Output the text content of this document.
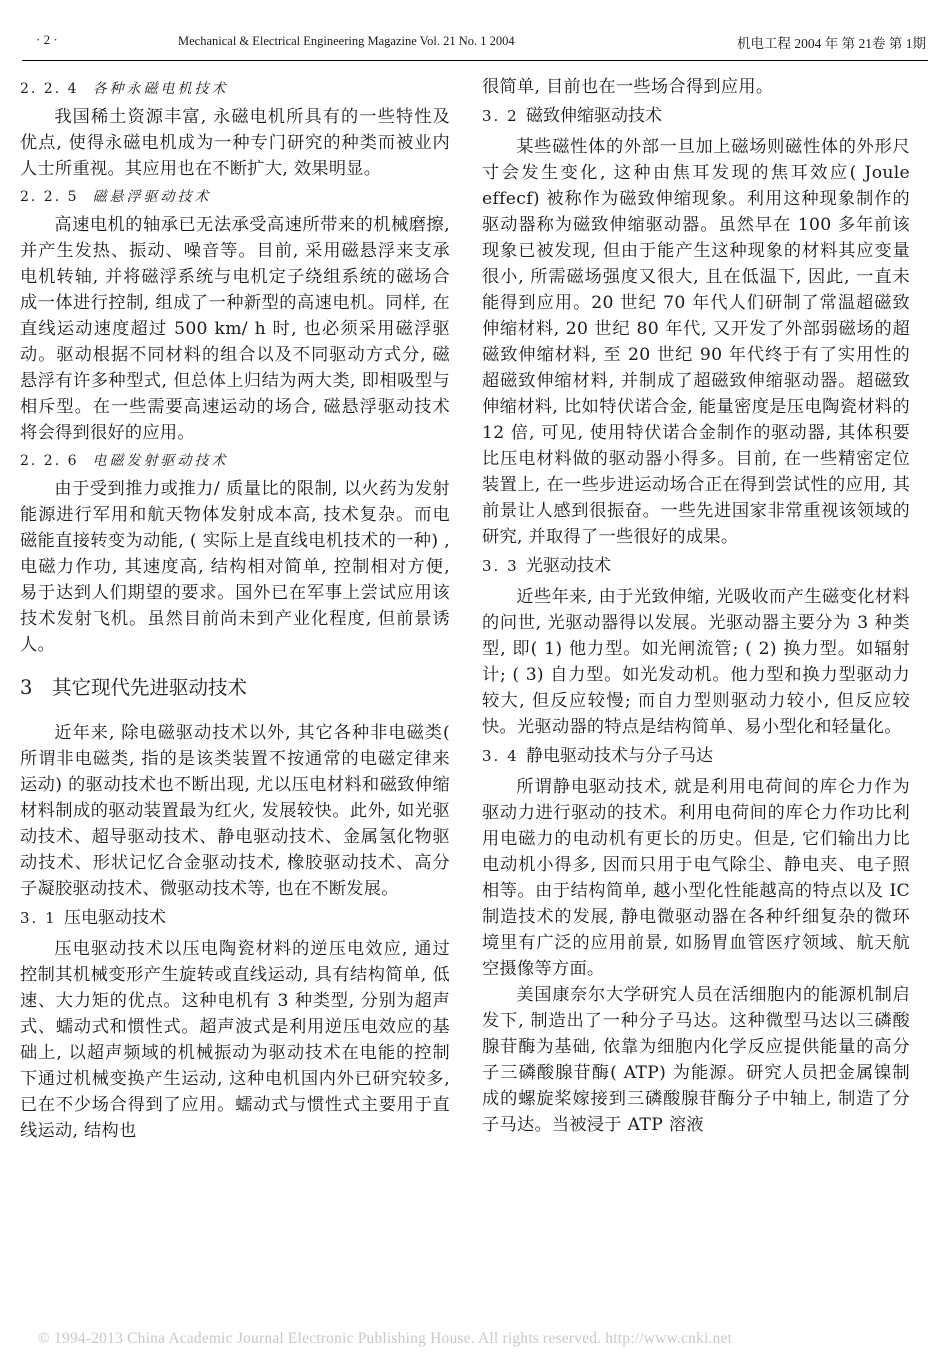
· 2 ·	Mechanical & Electrical Engineering Magazine Vol. 21 No. 1 2004	机电工程 2004 年 第 21卷 第 1期
2. 2. 4 各种永磁电机技术

我国稀土资源丰富, 永磁电机所具有的一些特性及优点, 使得永磁电机成为一种专门研究的种类而被业内人士所重视。其应用也在不断扩大, 效果明显。

2. 2. 5 磁悬浮驱动技术

高速电机的轴承已无法承受高速所带来的机械磨擦, 并产生发热、振动、噪音等。目前, 采用磁悬浮来支承电机转轴, 并将磁浮系统与电机定子绕组系统的磁场合成一体进行控制, 组成了一种新型的高速电机。同样, 在直线运动速度超过 500 km/ h 时, 也必须采用磁浮驱动。驱动根据不同材料的组合以及不同驱动方式分, 磁悬浮有许多种型式, 但总体上归结为两大类, 即相吸型与相斥型。在一些需要高速运动的场合, 磁悬浮驱动技术将会得到很好的应用。

2. 2. 6 电磁发射驱动技术

由于受到推力或推力/ 质量比的限制, 以火药为发射能源进行军用和航天物体发射成本高, 技术复杂。而电磁能直接转变为动能, ( 实际上是直线电机技术的一种) , 电磁力作功, 其速度高, 结构相对简单, 控制相对方便, 易于达到人们期望的要求。国外已在军事上尝试应用该技术发射飞机。虽然目前尚未到产业化程度, 但前景诱人。

3 其它现代先进驱动技术

近年来, 除电磁驱动技术以外, 其它各种非电磁类( 所谓非电磁类, 指的是该类装置不按通常的电磁定律来运动) 的驱动技术也不断出现, 尤以压电材料和磁致伸缩材料制成的驱动装置最为红火, 发展较快。此外, 如光驱动技术、超导驱动技术、静电驱动技术、金属氢化物驱动技术、形状记忆合金驱动技术, 橡胶驱动技术、高分子凝胶驱动技术、微驱动技术等, 也在不断发展。

3. 1 压电驱动技术

压电驱动技术以压电陶瓷材料的逆压电效应, 通过控制其机械变形产生旋转或直线运动, 具有结构简单, 低速、大力矩的优点。这种电机有 3 种类型, 分别为超声式、蠕动式和惯性式。超声波式是利用逆压电效应的基础上, 以超声频域的机械振动为驱动技术在电能的控制下通过机械变换产生运动, 这种电机国内外已研究较多, 已在不少场合得到了应用。蠕动式与惯性式主要用于直线运动, 结构也

很简单, 目前也在一些场合得到应用。

3. 2 磁致伸缩驱动技术

某些磁性体的外部一旦加上磁场则磁性体的外形尺寸会发生变化, 这种由焦耳发现的焦耳效应( Joule effecf) 被称作为磁致伸缩现象。利用这种现象制作的驱动器称为磁致伸缩驱动器。虽然早在 100 多年前该现象已被发现, 但由于能产生这种现象的材料其应变量很小, 所需磁场强度又很大, 且在低温下, 因此, 一直未能得到应用。20 世纪 70 年代人们研制了常温超磁致伸缩材料, 20 世纪 80 年代, 又开发了外部弱磁场的超磁致伸缩材料, 至 20 世纪 90 年代终于有了实用性的超磁致伸缩材料, 并制成了超磁致伸缩驱动器。超磁致伸缩材料, 比如特伏诺合金, 能量密度是压电陶瓷材料的 12 倍, 可见, 使用特伏诺合金制作的驱动器, 其体积要比压电材料做的驱动器小得多。目前, 在一些精密定位装置上, 在一些步进运动场合正在得到尝试性的应用, 其前景让人感到很振奋。一些先进国家非常重视该领域的研究, 并取得了一些很好的成果。

3. 3 光驱动技术

近些年来, 由于光致伸缩, 光吸收而产生磁变化材料的问世, 光驱动器得以发展。光驱动器主要分为 3 种类型, 即( 1) 他力型。如光闸流管; ( 2) 换力型。如辐射计; ( 3) 自力型。如光发动机。他力型和换力型驱动力较大, 但反应较慢; 而自力型则驱动力较小, 但反应较快。光驱动器的特点是结构简单、易小型化和轻量化。

3. 4 静电驱动技术与分子马达

所谓静电驱动技术, 就是利用电荷间的库仑力作为驱动力进行驱动的技术。利用电荷间的库仑力作功比利用电磁力的电动机有更长的历史。但是, 它们输出力比电动机小得多, 因而只用于电气除尘、静电夹、电子照相等。由于结构简单, 越小型化性能越高的特点以及 IC 制造技术的发展, 静电微驱动器在各种纤细复杂的微环境里有广泛的应用前景, 如肠胃血管医疗领域、航天航空摄像等方面。

美国康奈尔大学研究人员在活细胞内的能源机制启发下, 制造出了一种分子马达。这种微型马达以三磷酸腺苷酶为基础, 依靠为细胞内化学反应提供能量的高分子三磷酸腺苷酶( ATP) 为能源。研究人员把金属镍制成的螺旋桨嫁接到三磷酸腺苷酶分子中轴上, 制造了分子马达。当被浸于 ATP 溶液

© 1994-2013 China Academic Journal Electronic Publishing House. All rights reserved. http://www.cnki.net
